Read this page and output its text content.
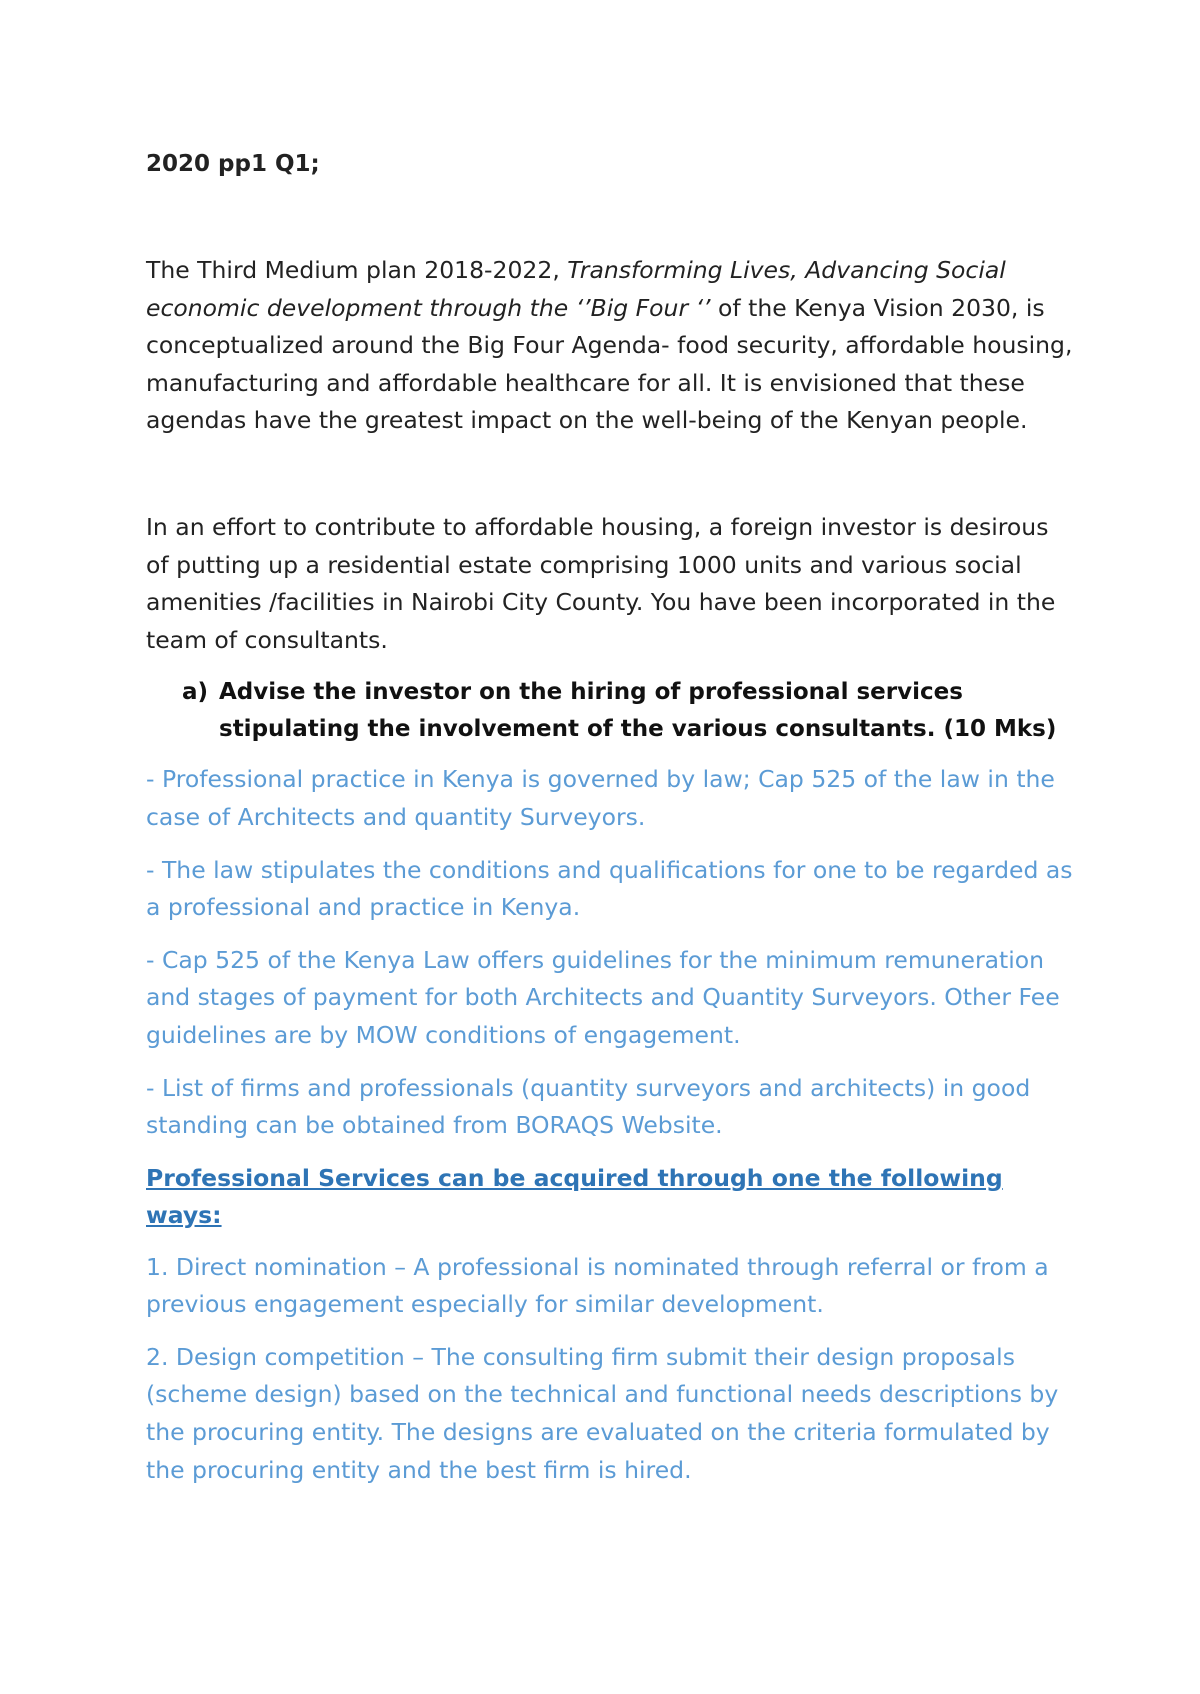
2020 pp1 Q1;

The Third Medium plan 2018-2022, Transforming Lives, Advancing Social economic development through the ‘’Big Four ‘’ of the Kenya Vision 2030, is conceptualized around the Big Four Agenda- food security, affordable housing, manufacturing and affordable healthcare for all. It is envisioned that these agendas have the greatest impact on the well-being of the Kenyan people.

In an effort to contribute to affordable housing, a foreign investor is desirous of putting up a residential estate comprising 1000 units and various social amenities /facilities in Nairobi City County. You have been incorporated in the team of consultants.

a) Advise the investor on the hiring of professional services stipulating the involvement of the various consultants. (10 Mks)

- Professional practice in Kenya is governed by law; Cap 525 of the law in the case of Architects and quantity Surveyors.

- The law stipulates the conditions and qualifications for one to be regarded as a professional and practice in Kenya.

- Cap 525 of the Kenya Law offers guidelines for the minimum remuneration and stages of payment for both Architects and Quantity Surveyors. Other Fee guidelines are by MOW conditions of engagement.

- List of firms and professionals (quantity surveyors and architects) in good standing can be obtained from BORAQS Website.

Professional Services can be acquired through one the following ways:

1. Direct nomination – A professional is nominated through referral or from a previous engagement especially for similar development.

2. Design competition – The consulting firm submit their design proposals (scheme design) based on the technical and functional needs descriptions by the procuring entity. The designs are evaluated on the criteria formulated by the procuring entity and the best firm is hired.
